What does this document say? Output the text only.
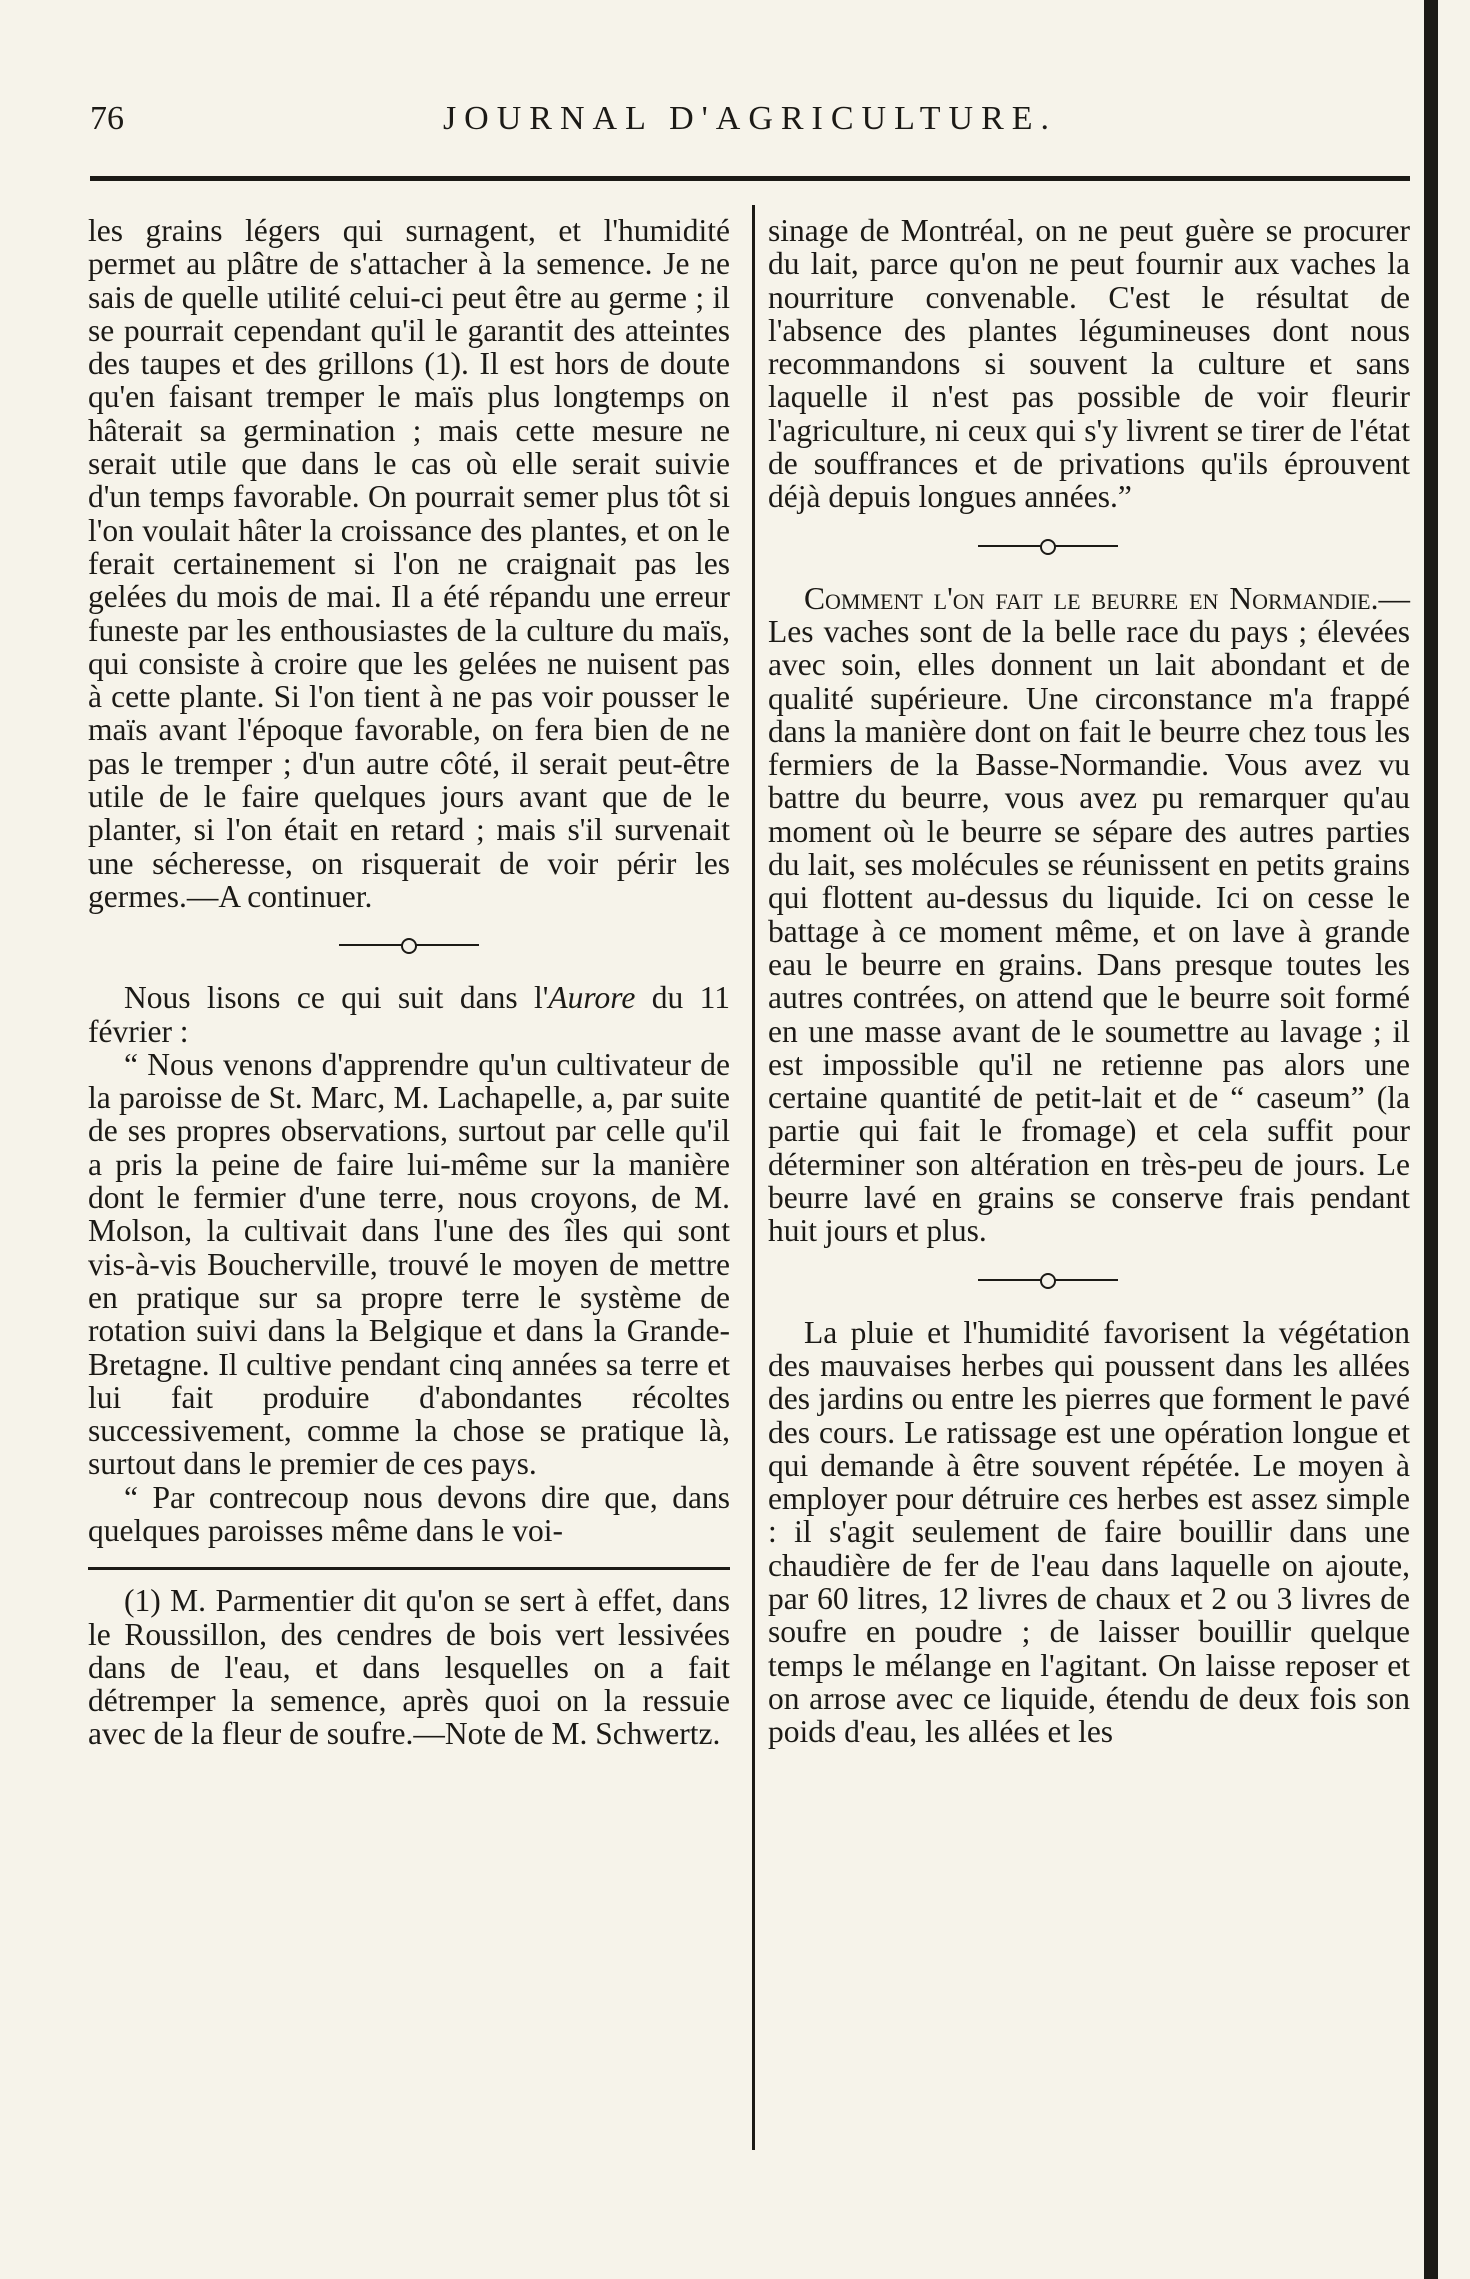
76	JOURNAL D'AGRICULTURE.

les grains légers qui surnagent, et l'humidité permet au plâtre de s'attacher à la semence. Je ne sais de quelle utilité celui-ci peut être au germe ; il se pourrait cependant qu'il le garantit des atteintes des taupes et des grillons (1). Il est hors de doute qu'en faisant tremper le maïs plus longtemps on hâterait sa germination ; mais cette mesure ne serait utile que dans le cas où elle serait suivie d'un temps favorable. On pourrait semer plus tôt si l'on voulait hâter la croissance des plantes, et on le ferait certainement si l'on ne craignait pas les gelées du mois de mai. Il a été répandu une erreur funeste par les enthousiastes de la culture du maïs, qui consiste à croire que les gelées ne nuisent pas à cette plante. Si l'on tient à ne pas voir pousser le maïs avant l'époque favorable, on fera bien de ne pas le tremper ; d'un autre côté, il serait peut-être utile de le faire quelques jours avant que de le planter, si l'on était en retard ; mais s'il survenait une sécheresse, on risquerait de voir périr les germes.—A continuer.

Nous lisons ce qui suit dans l'Aurore du 11 février :

“ Nous venons d'apprendre qu'un cultivateur de la paroisse de St. Marc, M. Lachapelle, a, par suite de ses propres observations, surtout par celle qu'il a pris la peine de faire lui-même sur la manière dont le fermier d'une terre, nous croyons, de M. Molson, la cultivait dans l'une des îles qui sont vis-à-vis Boucherville, trouvé le moyen de mettre en pratique sur sa propre terre le système de rotation suivi dans la Belgique et dans la Grande-Bretagne. Il cultive pendant cinq années sa terre et lui fait produire d'abondantes récoltes successivement, comme la chose se pratique là, surtout dans le premier de ces pays.

“ Par contrecoup nous devons dire que, dans quelques paroisses même dans le voi-

(1) M. Parmentier dit qu'on se sert à effet, dans le Roussillon, des cendres de bois vert lessivées dans de l'eau, et dans lesquelles on a fait détremper la semence, après quoi on la ressuie avec de la fleur de soufre.—Note de M. Schwertz.

sinage de Montréal, on ne peut guère se procurer du lait, parce qu'on ne peut fournir aux vaches la nourriture convenable. C'est le résultat de l'absence des plantes légumineuses dont nous recommandons si souvent la culture et sans laquelle il n'est pas possible de voir fleurir l'agriculture, ni ceux qui s'y livrent se tirer de l'état de souffrances et de privations qu'ils éprouvent déjà depuis longues années.”

Comment l'on fait le beurre en Normandie.—Les vaches sont de la belle race du pays ; élevées avec soin, elles donnent un lait abondant et de qualité supérieure. Une circonstance m'a frappé dans la manière dont on fait le beurre chez tous les fermiers de la Basse-Normandie. Vous avez vu battre du beurre, vous avez pu remarquer qu'au moment où le beurre se sépare des autres parties du lait, ses molécules se réunissent en petits grains qui flottent au-dessus du liquide. Ici on cesse le battage à ce moment même, et on lave à grande eau le beurre en grains. Dans presque toutes les autres contrées, on attend que le beurre soit formé en une masse avant de le soumettre au lavage ; il est impossible qu'il ne retienne pas alors une certaine quantité de petit-lait et de “ caseum” (la partie qui fait le fromage) et cela suffit pour déterminer son altération en très-peu de jours. Le beurre lavé en grains se conserve frais pendant huit jours et plus.

La pluie et l'humidité favorisent la végétation des mauvaises herbes qui poussent dans les allées des jardins ou entre les pierres que forment le pavé des cours. Le ratissage est une opération longue et qui demande à être souvent répétée. Le moyen à employer pour détruire ces herbes est assez simple : il s'agit seulement de faire bouillir dans une chaudière de fer de l'eau dans laquelle on ajoute, par 60 litres, 12 livres de chaux et 2 ou 3 livres de soufre en poudre ; de laisser bouillir quelque temps le mélange en l'agitant. On laisse reposer et on arrose avec ce liquide, étendu de deux fois son poids d'eau, les allées et les
